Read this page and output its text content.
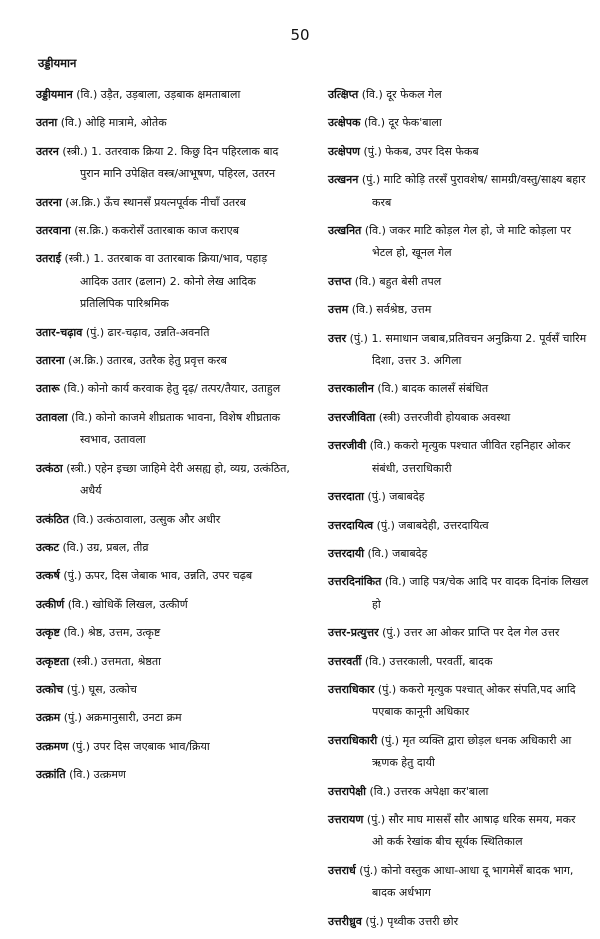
50
उड्डीयमान
उड्डीयमान (वि.) उड़ैत, उड़बाला, उड़बाक क्षमताबाला
उतना (वि.) ओहि मात्रामे, ओतेक
उतरन (स्त्री.) 1. उतरवाक क्रिया 2. किछु दिन पहिरलाक बाद पुरान मानि उपेक्षित वस्त्र/आभूषण, पहिरल, उतरन
उतरना (अ.क्रि.) ऊँच स्थानसँ प्रयत्नपूर्वक नीचाँ उतरब
उतरवाना (स.क्रि.) ककरोसँ उतारबाक काज कराएब
उतराई (स्त्री.) 1. उतरबाक वा उतारबाक क्रिया/भाव, पहाड़ आदिक उतार (ढलान) 2. कोनो लेख आदिक प्रतिलिपिक पारिश्रमिक
उतार-चढ़ाव (पुं.) ढार-चढ़ाव, उन्नति-अवनति
उतारना (अ.क्रि.) उतारब, उतरैक हेतु प्रवृत्त करब
उतारू (वि.) कोनो कार्य करवाक हेतु दृढ़/ तत्पर/तैयार, उताहुल
उतावला (वि.) कोनो काजमे शीघ्रताक भावना, विशेष शीघ्रताक स्वभाव, उतावला
उत्कंठा (स्त्री.) एहेन इच्छा जाहिमे देरी असह्य हो, व्यग्र, उत्कंठित, अधैर्य
उत्कंठित (वि.) उत्कंठावाला, उत्सुक और अधीर
उत्कट (वि.) उग्र, प्रबल, तीव्र
उत्कर्ष (पुं.) ऊपर, दिस जेबाक भाव, उन्नति, उपर चढ़ब
उत्कीर्ण (वि.) खोधिकेँ लिखल, उत्कीर्ण
उत्कृष्ट (वि.) श्रेष्ठ, उत्तम, उत्कृष्ट
उत्कृष्टता (स्त्री.) उत्तमता, श्रेष्ठता
उत्कोच (पुं.) घूस, उत्कोच
उत्क्रम (पुं.) अक्रमानुसारी, उनटा क्रम
उत्क्रमण (पुं.) उपर दिस जएबाक भाव/क्रिया
उत्क्रांति (वि.) उत्क्रमण
उत्क्षिप्त (वि.) दूर फेकल गेल
उत्क्षेपक (वि.) दूर फेक'बाला
उत्क्षेपण (पुं.) फेकब, उपर दिस फेकब
उत्खनन (पुं.) माटि कोड़ि तरसँ पुरावशेष/ सामग्री/वस्तु/साक्ष्य बहार करब
उत्खनित (वि.) जकर माटि कोड़ल गेल हो, जे माटि कोड़ला पर भेटल हो, खूनल गेल
उत्तप्त (वि.) बहुत बेसी तपल
उत्तम (वि.) सर्वश्रेष्ठ, उत्तम
उत्तर (पुं.) 1. समाधान जबाब,प्रतिवचन अनुक्रिया 2. पूर्वसँ चारिम दिशा, उत्तर 3. अगिला
उत्तरकालीन (वि.) बादक कालसँ संबंधित
उत्तरजीविता (स्त्री) उत्तरजीवी होयबाक अवस्था
उत्तरजीवी (वि.) ककरो मृत्युक पश्चात जीवित रहनिहार ओकर संबंधी, उत्तराधिकारी
उत्तरदाता (पुं.) जबाबदेह
उत्तरदायित्व (पुं.) जबाबदेही, उत्तरदायित्व
उत्तरदायी (वि.) जबाबदेह
उत्तरदिनांकित (वि.) जाहि पत्र/चेक आदि पर वादक दिनांक लिखल हो
उत्तर-प्रत्युत्तर (पुं.) उत्तर आ ओकर प्राप्ति पर देल गेल उत्तर
उत्तरवर्ती (वि.) उत्तरकाली, परवर्ती, बादक
उत्तराधिकार (पुं.) ककरो मृत्युक पश्चात् ओकर संपति,पद आदि पएबाक कानूनी अधिकार
उत्तराधिकारी (पुं.) मृत व्यक्ति द्वारा छोड़ल धनक अधिकारी आ ऋणक हेतु दायी
उत्तरापेक्षी (वि.) उत्तरक अपेक्षा कर'बाला
उत्तरायण (पुं.) सौर माघ माससँ सौर आषाढ़ धरिक समय, मकर ओ कर्क रेखांक बीच सूर्यक स्थितिकाल
उत्तरार्ध (पुं.) कोनो वस्तुक आधा-आधा दू भागमेसँ बादक भाग, बादक अर्धभाग
उत्तरीध्रुव (पुं.) पृथ्वीक उत्तरी छोर
